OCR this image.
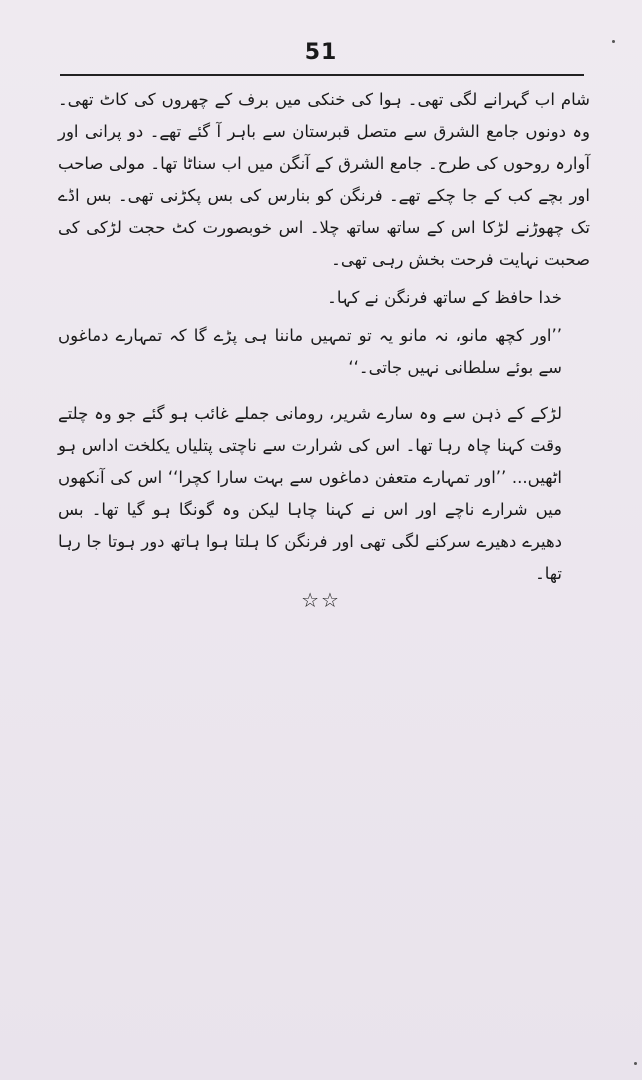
51

شام اب گہرانے لگی تھی۔ ہوا کی خنکی میں برف کے چھروں کی کاٹ تھی۔ وہ دونوں جامع الشرق سے متصل قبرستان سے باہر آ گئے تھے۔ دو پرانی اور آوارہ روحوں کی طرح۔ جامع الشرق کے آنگن میں اب سناٹا تھا۔ مولی صاحب اور بچے کب کے جا چکے تھے۔ فرنگن کو بنارس کی بس پکڑنی تھی۔ بس اڈے تک چھوڑنے لڑکا اس کے ساتھ ساتھ چلا۔ اس خوبصورت کٹ حجت لڑکی کی صحبت نہایت فرحت بخش رہی تھی۔

خدا حافظ کے ساتھ فرنگن نے کہا۔

’’اور کچھ مانو، نہ مانو یہ تو تمہیں ماننا ہی پڑے گا کہ تمہارے دماغوں سے بوئے سلطانی نہیں جاتی۔‘‘

لڑکے کے ذہن سے وہ سارے شریر، رومانی جملے غائب ہو گئے جو وہ چلتے وقت کہنا چاہ رہا تھا۔ اس کی شرارت سے ناچتی پتلیاں یکلخت اداس ہو اٹھیں... ’’اور تمہارے متعفن دماغوں سے بہت سارا کچرا‘‘ اس کی آنکھوں میں شرارے ناچے اور اس نے کہنا چاہا لیکن وہ گونگا ہو گیا تھا۔ بس دھیرے دھیرے سرکنے لگی تھی اور فرنگن کا ہلتا ہوا ہاتھ دور ہوتا جا رہا تھا۔

☆☆
